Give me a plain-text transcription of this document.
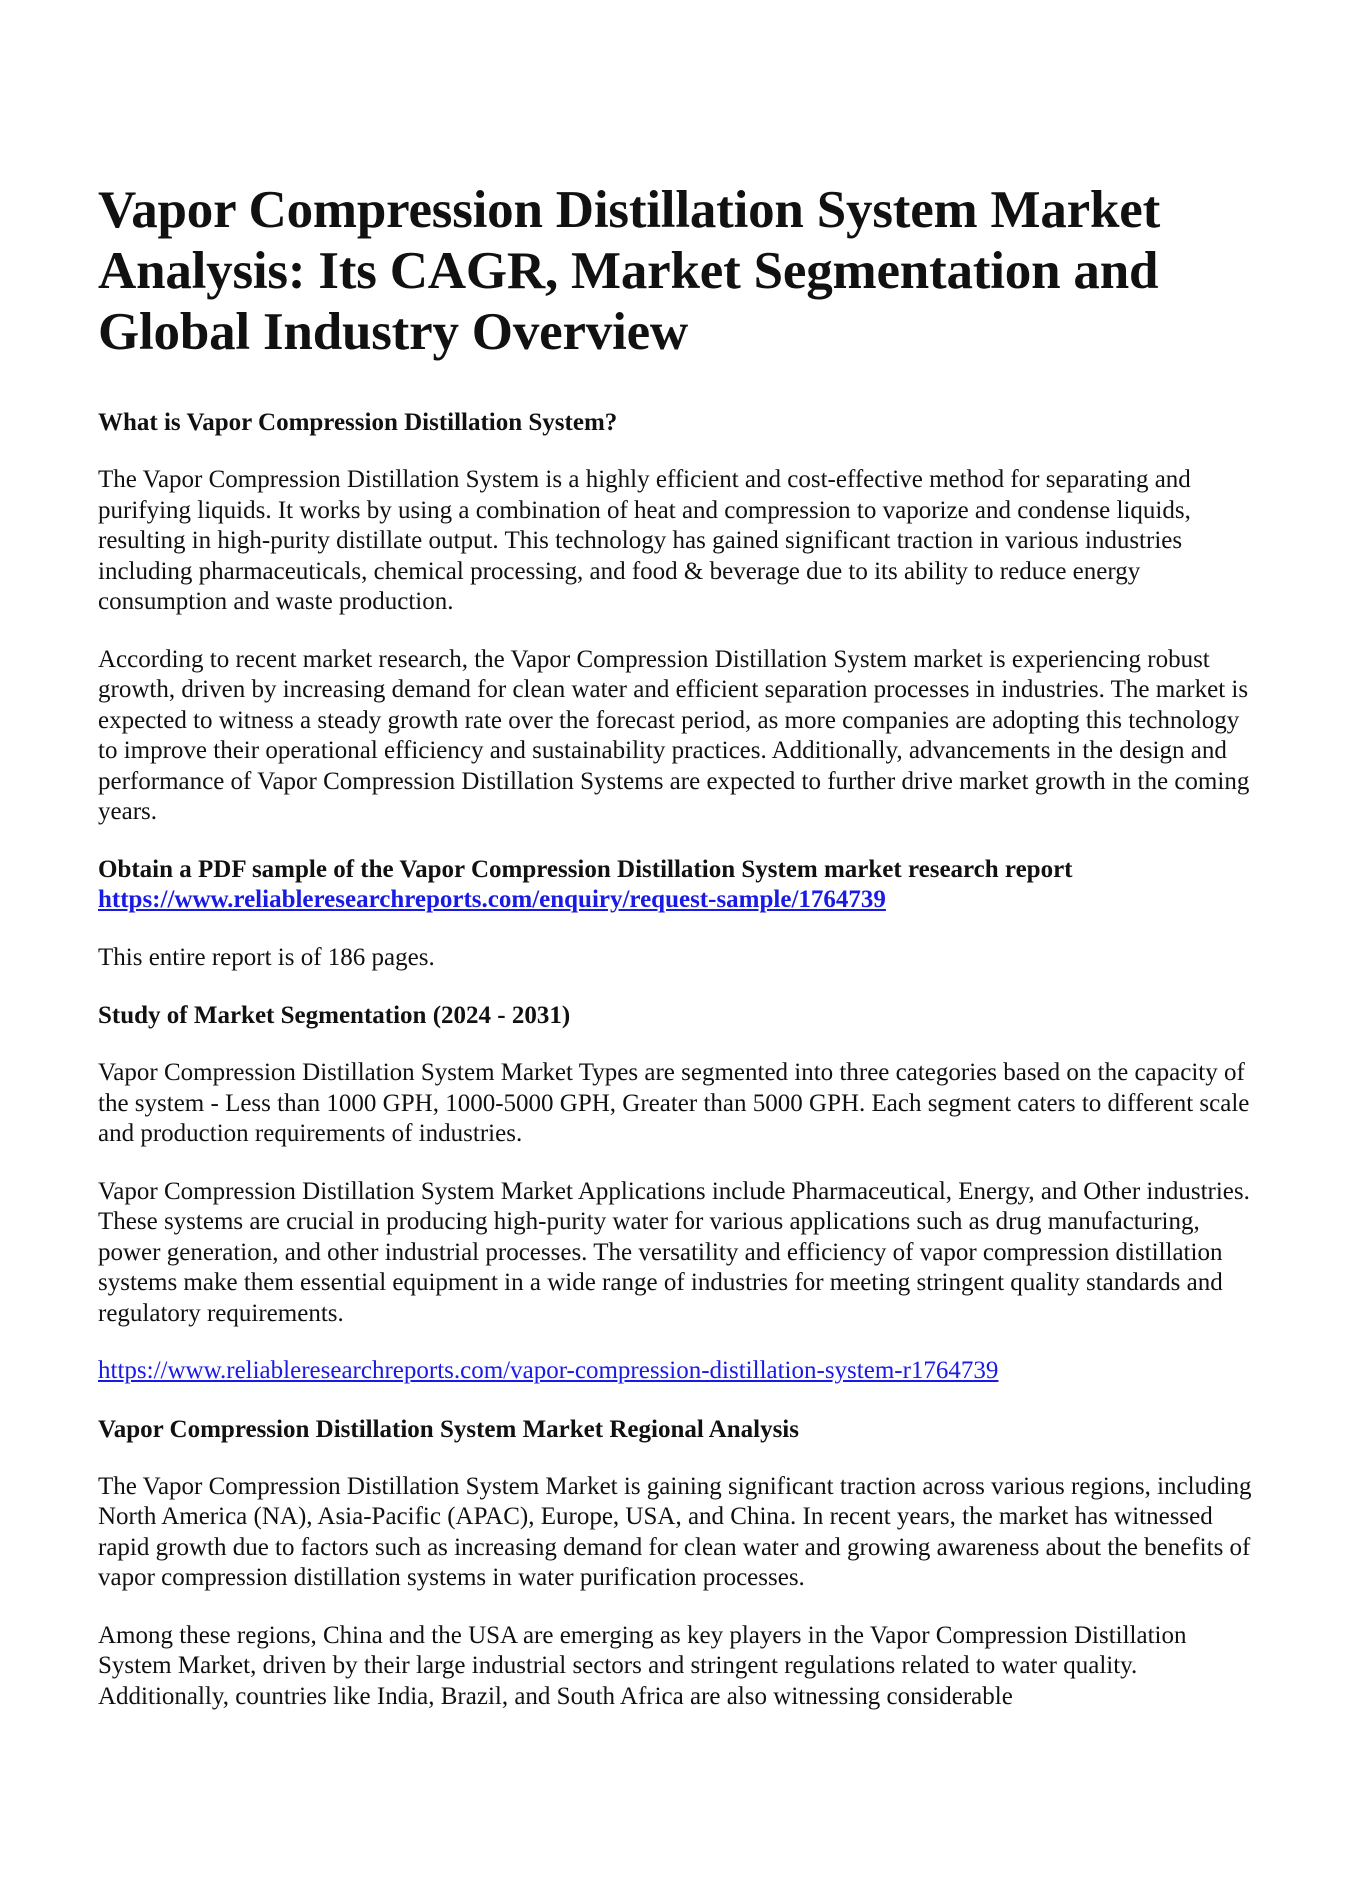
Vapor Compression Distillation System Market Analysis: Its CAGR, Market Segmentation and Global Industry Overview
What is Vapor Compression Distillation System?

The Vapor Compression Distillation System is a highly efficient and cost-effective method for separating and purifying liquids. It works by using a combination of heat and compression to vaporize and condense liquids, resulting in high-purity distillate output. This technology has gained significant traction in various industries including pharmaceuticals, chemical processing, and food & beverage due to its ability to reduce energy consumption and waste production.

According to recent market research, the Vapor Compression Distillation System market is experiencing robust growth, driven by increasing demand for clean water and efficient separation processes in industries. The market is expected to witness a steady growth rate over the forecast period, as more companies are adopting this technology to improve their operational efficiency and sustainability practices. Additionally, advancements in the design and performance of Vapor Compression Distillation Systems are expected to further drive market growth in the coming years.

Obtain a PDF sample of the Vapor Compression Distillation System market research report https://www.reliableresearchreports.com/enquiry/request-sample/1764739

This entire report is of 186 pages.

Study of Market Segmentation (2024 - 2031)

Vapor Compression Distillation System Market Types are segmented into three categories based on the capacity of the system - Less than 1000 GPH, 1000-5000 GPH, Greater than 5000 GPH. Each segment caters to different scale and production requirements of industries.

Vapor Compression Distillation System Market Applications include Pharmaceutical, Energy, and Other industries. These systems are crucial in producing high-purity water for various applications such as drug manufacturing, power generation, and other industrial processes. The versatility and efficiency of vapor compression distillation systems make them essential equipment in a wide range of industries for meeting stringent quality standards and regulatory requirements.

https://www.reliableresearchreports.com/vapor-compression-distillation-system-r1764739

Vapor Compression Distillation System Market Regional Analysis

The Vapor Compression Distillation System Market is gaining significant traction across various regions, including North America (NA), Asia-Pacific (APAC), Europe, USA, and China. In recent years, the market has witnessed rapid growth due to factors such as increasing demand for clean water and growing awareness about the benefits of vapor compression distillation systems in water purification processes.

Among these regions, China and the USA are emerging as key players in the Vapor Compression Distillation System Market, driven by their large industrial sectors and stringent regulations related to water quality. Additionally, countries like India, Brazil, and South Africa are also witnessing considerable
